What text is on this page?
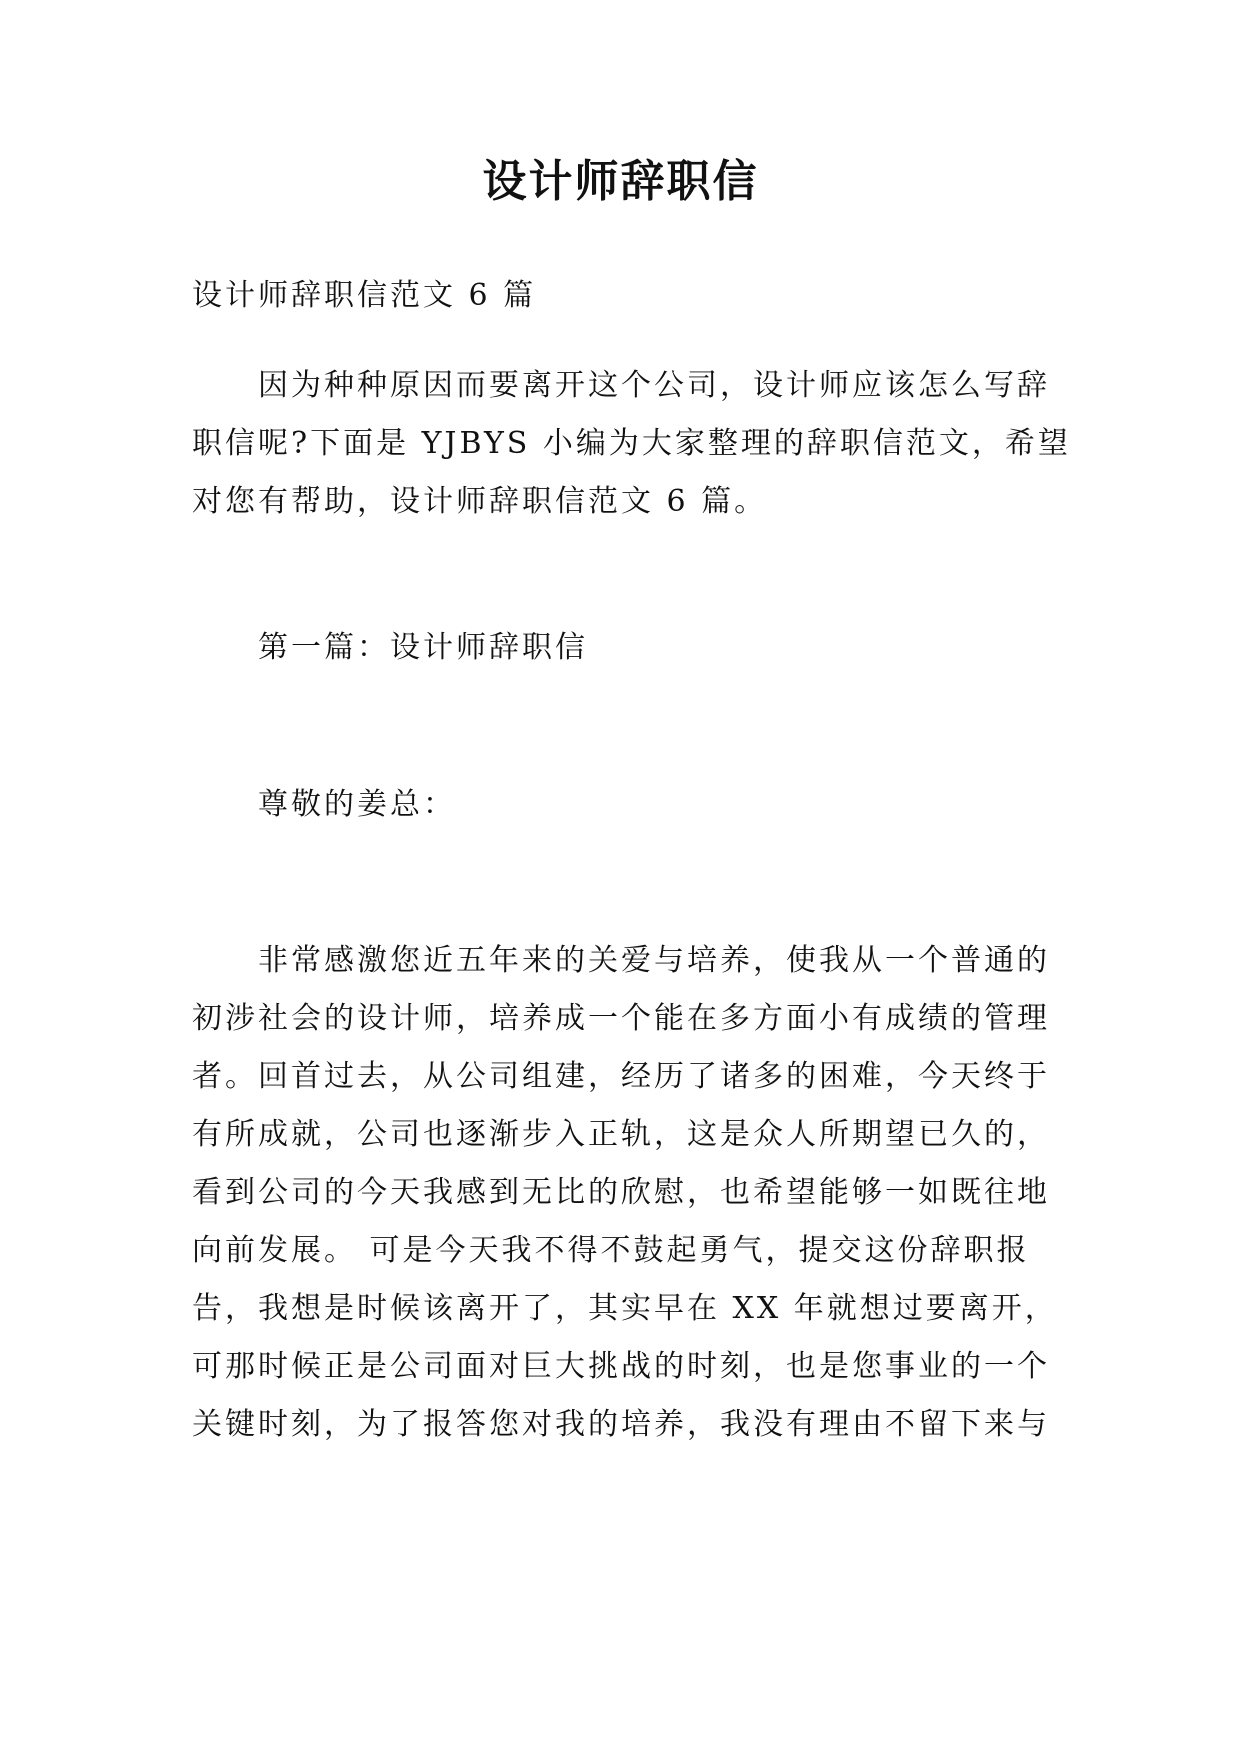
设计师辞职信
设计师辞职信范文 6 篇
　　因为种种原因而要离开这个公司，设计师应该怎么写辞
职信呢?下面是 YJBYS 小编为大家整理的辞职信范文，希望
对您有帮助，设计师辞职信范文 6 篇。
　　第一篇：设计师辞职信
　　尊敬的姜总：
　　非常感激您近五年来的关爱与培养，使我从一个普通的
初涉社会的设计师，培养成一个能在多方面小有成绩的管理
者。回首过去，从公司组建，经历了诸多的困难，今天终于
有所成就，公司也逐渐步入正轨，这是众人所期望已久的，
看到公司的今天我感到无比的欣慰，也希望能够一如既往地
向前发展。 可是今天我不得不鼓起勇气，提交这份辞职报
告，我想是时候该离开了，其实早在 XX 年就想过要离开，
可那时候正是公司面对巨大挑战的时刻，也是您事业的一个
关键时刻，为了报答您对我的培养，我没有理由不留下来与
